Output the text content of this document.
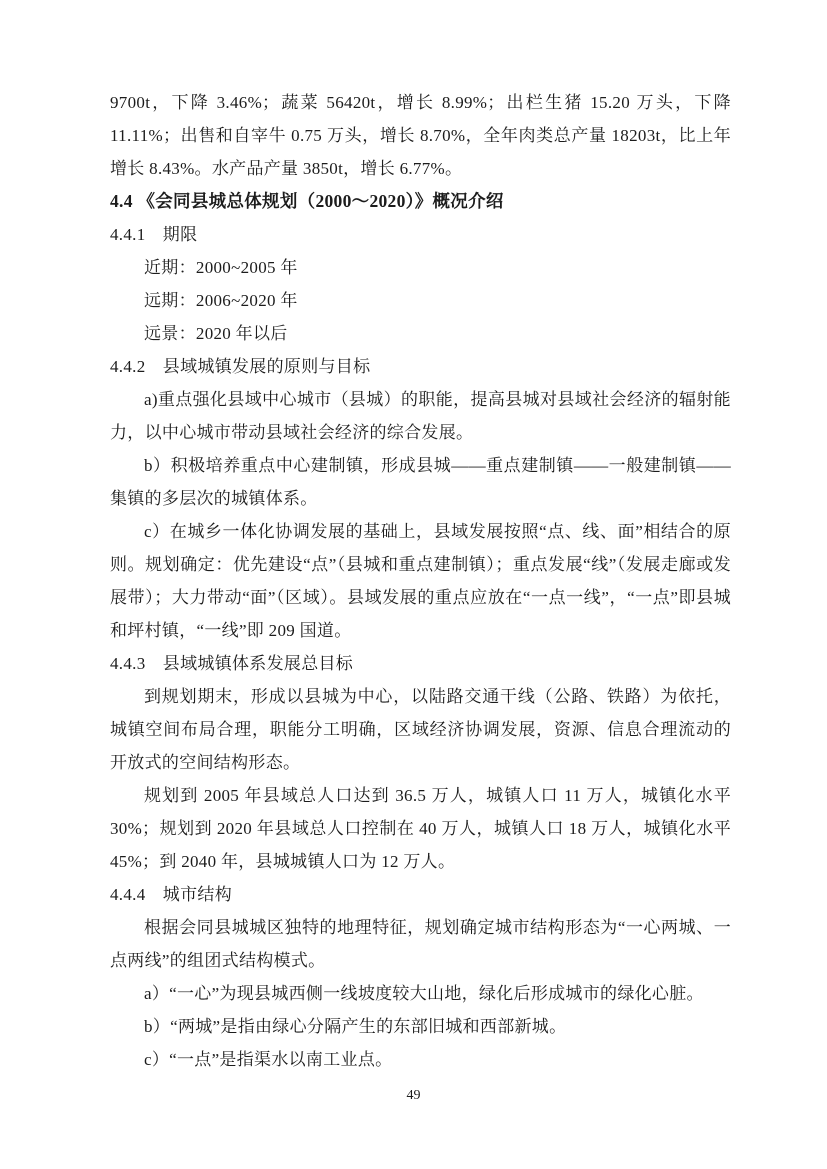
9700t，下降 3.46%；蔬菜 56420t，增长 8.99%；出栏生猪 15.20 万头，下降 11.11%；出售和自宰牛 0.75 万头，增长 8.70%，全年肉类总产量 18203t，比上年增长 8.43%。水产品产量 3850t，增长 6.77%。

4.4 《会同县城总体规划（2000～2020）》概况介绍

4.4.1　期限

近期：2000~2005 年

远期：2006~2020 年

远景：2020 年以后

4.4.2　县域城镇发展的原则与目标

a)重点强化县域中心城市（县城）的职能，提高县城对县域社会经济的辐射能力，以中心城市带动县域社会经济的综合发展。

b）积极培养重点中心建制镇，形成县城——重点建制镇——一般建制镇——集镇的多层次的城镇体系。

c）在城乡一体化协调发展的基础上，县域发展按照“点、线、面”相结合的原则。规划确定：优先建设“点”（县城和重点建制镇）；重点发展“线”（发展走廊或发展带）；大力带动“面”（区域）。县域发展的重点应放在“一点一线”，“一点”即县城和坪村镇，“一线”即 209 国道。

4.4.3　县域城镇体系发展总目标

到规划期末，形成以县城为中心，以陆路交通干线（公路、铁路）为依托，城镇空间布局合理，职能分工明确，区域经济协调发展，资源、信息合理流动的开放式的空间结构形态。

规划到 2005 年县域总人口达到 36.5 万人，城镇人口 11 万人，城镇化水平 30%；规划到 2020 年县域总人口控制在 40 万人，城镇人口 18 万人，城镇化水平 45%；到 2040 年，县城城镇人口为 12 万人。

4.4.4　城市结构

根据会同县城城区独特的地理特征，规划确定城市结构形态为“一心两城、一点两线”的组团式结构模式。

a）“一心”为现县城西侧一线坡度较大山地，绿化后形成城市的绿化心脏。

b）“两城”是指由绿心分隔产生的东部旧城和西部新城。

c）“一点”是指渠水以南工业点。

49
